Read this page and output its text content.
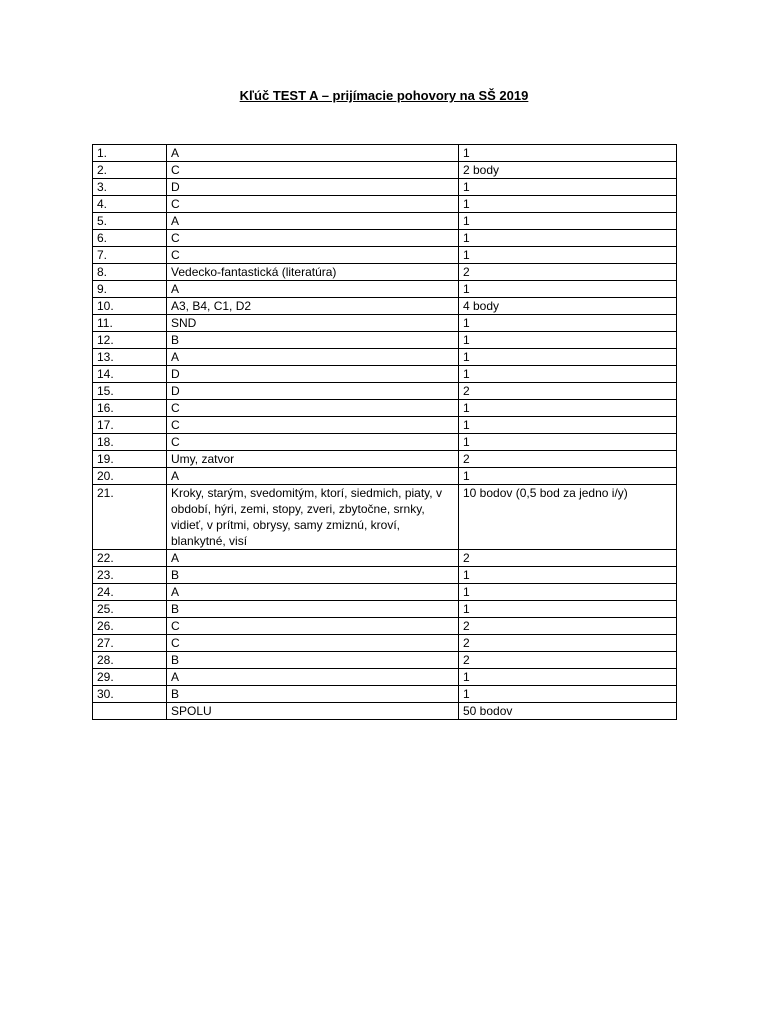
Kľúč TEST A – prijímacie pohovory na SŠ 2019
1.	A	1
2.	C	2 body
3.	D	1
4.	C	1
5.	A	1
6.	C	1
7.	C	1
8.	Vedecko-fantastická (literatúra)	2
9.	A	1
10.	A3, B4, C1, D2	4 body
11.	SND	1
12.	B	1
13.	A	1
14.	D	1
15.	D	2
16.	C	1
17.	C	1
18.	C	1
19.	Umy, zatvor	2
20.	A	1
21.	Kroky, starým, svedomitým, ktorí, siedmich, piaty, v období, hýri, zemi, stopy, zveri, zbytočne, srnky, vidieť, v prítmi, obrysy, samy zmiznú, kroví, blankytné, visí	10 bodov (0,5 bod za jedno i/y)
22.	A	2
23.	B	1
24.	A	1
25.	B	1
26.	C	2
27.	C	2
28.	B	2
29.	A	1
30.	B	1
	SPOLU	50 bodov
